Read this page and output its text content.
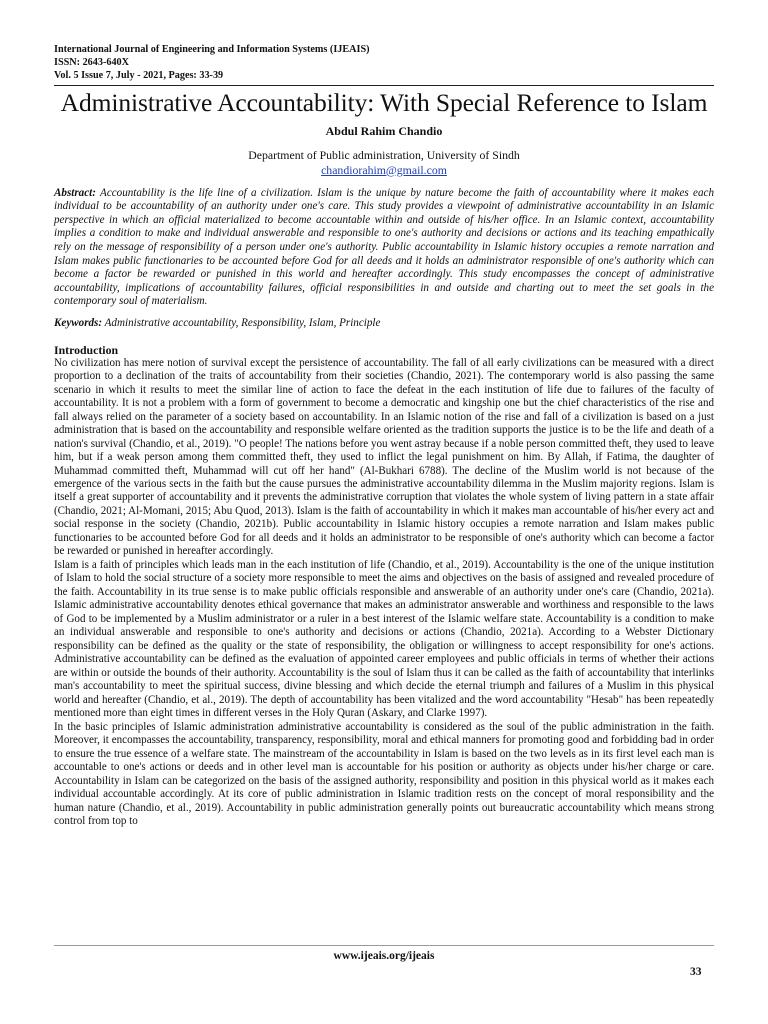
International Journal of Engineering and Information Systems (IJEAIS)
ISSN: 2643-640X
Vol. 5 Issue 7, July - 2021, Pages: 33-39
Administrative Accountability: With Special Reference to Islam
Abdul Rahim Chandio
Department of Public administration, University of Sindh
chandiorahim@gmail.com
Abstract: Accountability is the life line of a civilization. Islam is the unique by nature become the faith of accountability where it makes each individual to be accountability of an authority under one's care. This study provides a viewpoint of administrative accountability in an Islamic perspective in which an official materialized to become accountable within and outside of his/her office. In an Islamic context, accountability implies a condition to make and individual answerable and responsible to one's authority and decisions or actions and its teaching empathically rely on the message of responsibility of a person under one's authority. Public accountability in Islamic history occupies a remote narration and Islam makes public functionaries to be accounted before God for all deeds and it holds an administrator responsible of one's authority which can become a factor be rewarded or punished in this world and hereafter accordingly. This study encompasses the concept of administrative accountability, implications of accountability failures, official responsibilities in and outside and charting out to meet the set goals in the contemporary soul of materialism.
Keywords: Administrative accountability, Responsibility, Islam, Principle
Introduction

No civilization has mere notion of survival except the persistence of accountability. The fall of all early civilizations can be measured with a direct proportion to a declination of the traits of accountability from their societies (Chandio, 2021). The contemporary world is also passing the same scenario in which it results to meet the similar line of action to face the defeat in the each institution of life due to failures of the faculty of accountability. It is not a problem with a form of government to become a democratic and kingship one but the chief characteristics of the rise and fall always relied on the parameter of a society based on accountability. In an Islamic notion of the rise and fall of a civilization is based on a just administration that is based on the accountability and responsible welfare oriented as the tradition supports the justice is to be the life and death of a nation's survival (Chandio, et al., 2019). "O people! The nations before you went astray because if a noble person committed theft, they used to leave him, but if a weak person among them committed theft, they used to inflict the legal punishment on him. By Allah, if Fatima, the daughter of Muhammad committed theft, Muhammad will cut off her hand" (Al-Bukhari 6788). The decline of the Muslim world is not because of the emergence of the various sects in the faith but the cause pursues the administrative accountability dilemma in the Muslim majority regions. Islam is itself a great supporter of accountability and it prevents the administrative corruption that violates the whole system of living pattern in a state affair (Chandio, 2021; Al-Momani, 2015; Abu Quod, 2013). Islam is the faith of accountability in which it makes man accountable of his/her every act and social response in the society (Chandio, 2021b). Public accountability in Islamic history occupies a remote narration and Islam makes public functionaries to be accounted before God for all deeds and it holds an administrator to be responsible of one's authority which can become a factor be rewarded or punished in hereafter accordingly.

Islam is a faith of principles which leads man in the each institution of life (Chandio, et al., 2019). Accountability is the one of the unique institution of Islam to hold the social structure of a society more responsible to meet the aims and objectives on the basis of assigned and revealed procedure of the faith. Accountability in its true sense is to make public officials responsible and answerable of an authority under one's care (Chandio, 2021a). Islamic administrative accountability denotes ethical governance that makes an administrator answerable and worthiness and responsible to the laws of God to be implemented by a Muslim administrator or a ruler in a best interest of the Islamic welfare state. Accountability is a condition to make an individual answerable and responsible to one's authority and decisions or actions (Chandio, 2021a). According to a Webster Dictionary responsibility can be defined as the quality or the state of responsibility, the obligation or willingness to accept responsibility for one's actions. Administrative accountability can be defined as the evaluation of appointed career employees and public officials in terms of whether their actions are within or outside the bounds of their authority. Accountability is the soul of Islam thus it can be called as the faith of accountability that interlinks man's accountability to meet the spiritual success, divine blessing and which decide the eternal triumph and failures of a Muslim in this physical world and hereafter (Chandio, et al., 2019). The depth of accountability has been vitalized and the word accountability "Hesab" has been repeatedly mentioned more than eight times in different verses in the Holy Quran (Askary, and Clarke 1997).

In the basic principles of Islamic administration administrative accountability is considered as the soul of the public administration in the faith. Moreover, it encompasses the accountability, transparency, responsibility, moral and ethical manners for promoting good and forbidding bad in order to ensure the true essence of a welfare state. The mainstream of the accountability in Islam is based on the two levels as in its first level each man is accountable to one's actions or deeds and in other level man is accountable for his position or authority as objects under his/her charge or care. Accountability in Islam can be categorized on the basis of the assigned authority, responsibility and position in this physical world as it makes each individual accountable accordingly. At its core of public administration in Islamic tradition rests on the concept of moral responsibility and the human nature (Chandio, et al., 2019). Accountability in public administration generally points out bureaucratic accountability which means strong control from top to

www.ijeais.org/ijeais
33
